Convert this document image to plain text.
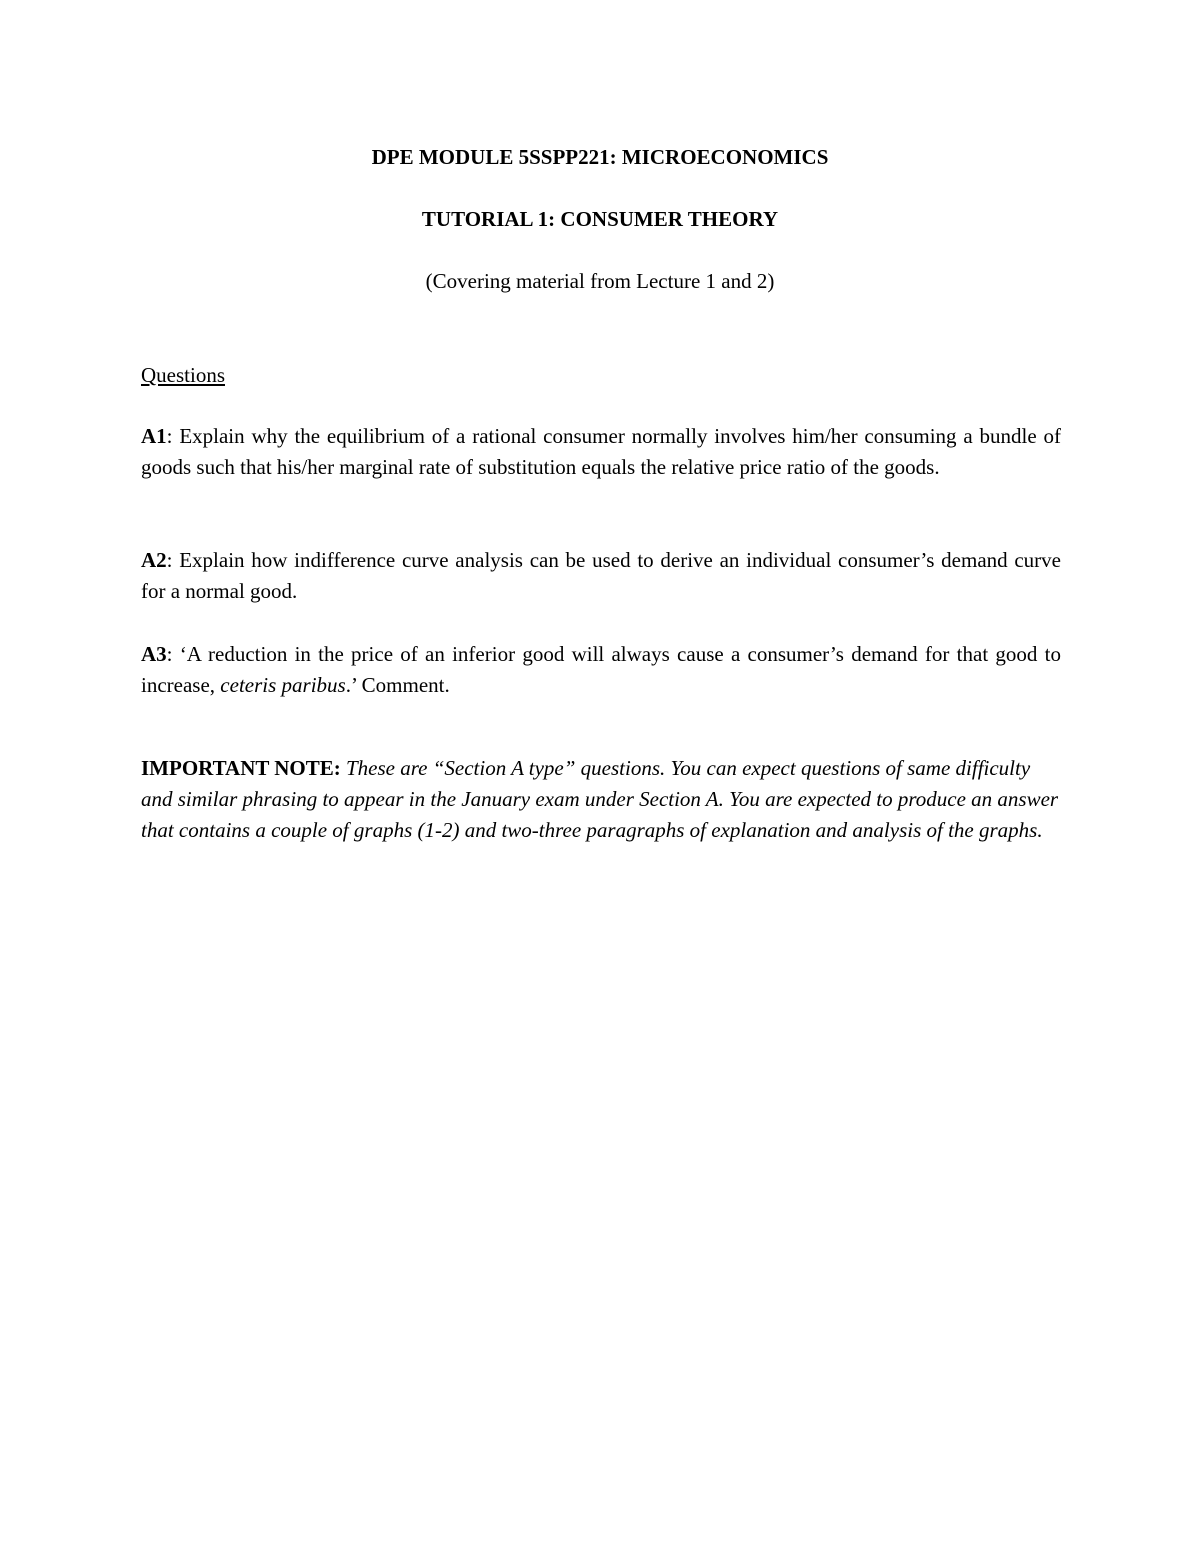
DPE MODULE 5SSPP221: MICROECONOMICS
TUTORIAL 1: CONSUMER THEORY
(Covering material from Lecture 1 and 2)
Questions

A1: Explain why the equilibrium of a rational consumer normally involves him/her consuming a bundle of goods such that his/her marginal rate of substitution equals the relative price ratio of the goods.

A2: Explain how indifference curve analysis can be used to derive an individual consumer’s demand curve for a normal good.

A3: ‘A reduction in the price of an inferior good will always cause a consumer’s demand for that good to increase, ceteris paribus.’ Comment.

IMPORTANT NOTE: These are “Section A type” questions. You can expect questions of same difficulty and similar phrasing to appear in the January exam under Section A. You are expected to produce an answer that contains a couple of graphs (1-2) and two-three paragraphs of explanation and analysis of the graphs.
